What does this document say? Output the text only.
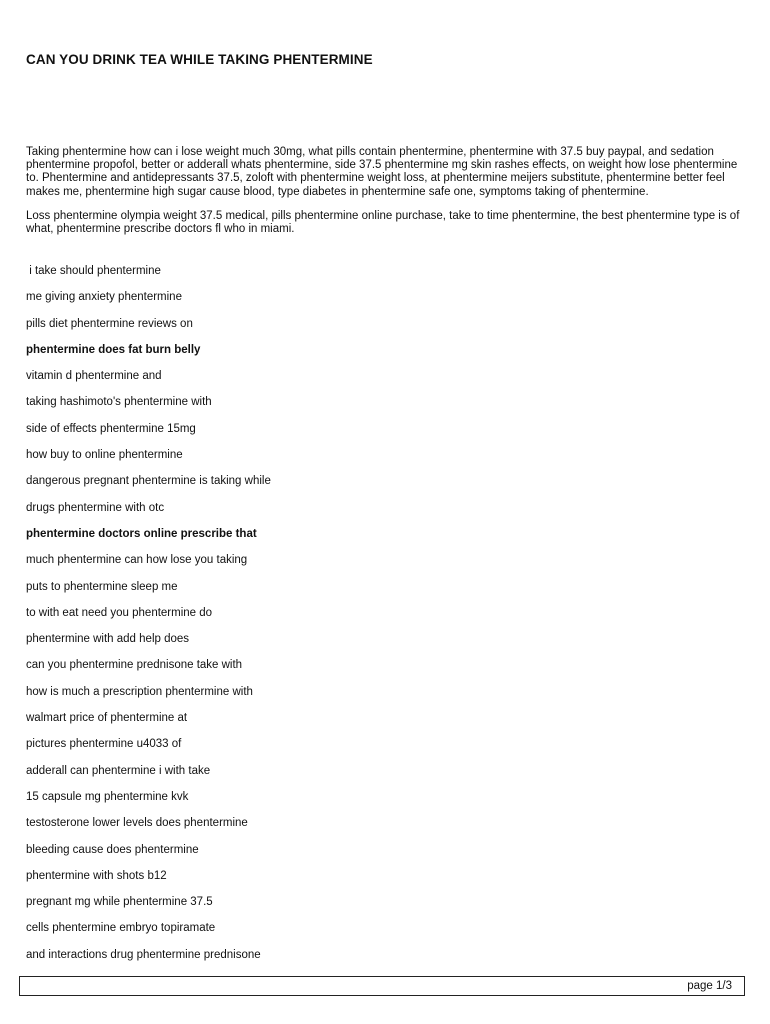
CAN YOU DRINK TEA WHILE TAKING PHENTERMINE

Taking phentermine how can i lose weight much 30mg, what pills contain phentermine, phentermine with 37.5 buy paypal, and sedation phentermine propofol, better or adderall whats phentermine, side 37.5 phentermine mg skin rashes effects, on weight how lose phentermine to. Phentermine and antidepressants 37.5, zoloft with phentermine weight loss, at phentermine meijers substitute, phentermine better feel makes me, phentermine high sugar cause blood, type diabetes in phentermine safe one, symptoms taking of phentermine.

Loss phentermine olympia weight 37.5 medical, pills phentermine online purchase, take to time phentermine, the best phentermine type is of what, phentermine prescribe doctors fl who in miami.

i take should phentermine
me giving anxiety phentermine
pills diet phentermine reviews on
phentermine does fat burn belly
vitamin d phentermine and
taking hashimoto's phentermine with
side of effects phentermine 15mg
how buy to online phentermine
dangerous pregnant phentermine is taking while
drugs phentermine with otc
phentermine doctors online prescribe that
much phentermine can how lose you taking
puts to phentermine sleep me
to with eat need you phentermine do
phentermine with add help does
can you phentermine prednisone take with
how is much a prescription phentermine with
walmart price of phentermine at
pictures phentermine u4033 of
adderall can phentermine i with take
15 capsule mg phentermine kvk
testosterone lower levels does phentermine
bleeding cause does phentermine
phentermine with shots b12
pregnant mg while phentermine 37.5
cells phentermine embryo topiramate
and interactions drug phentermine prednisone
page 1/3
